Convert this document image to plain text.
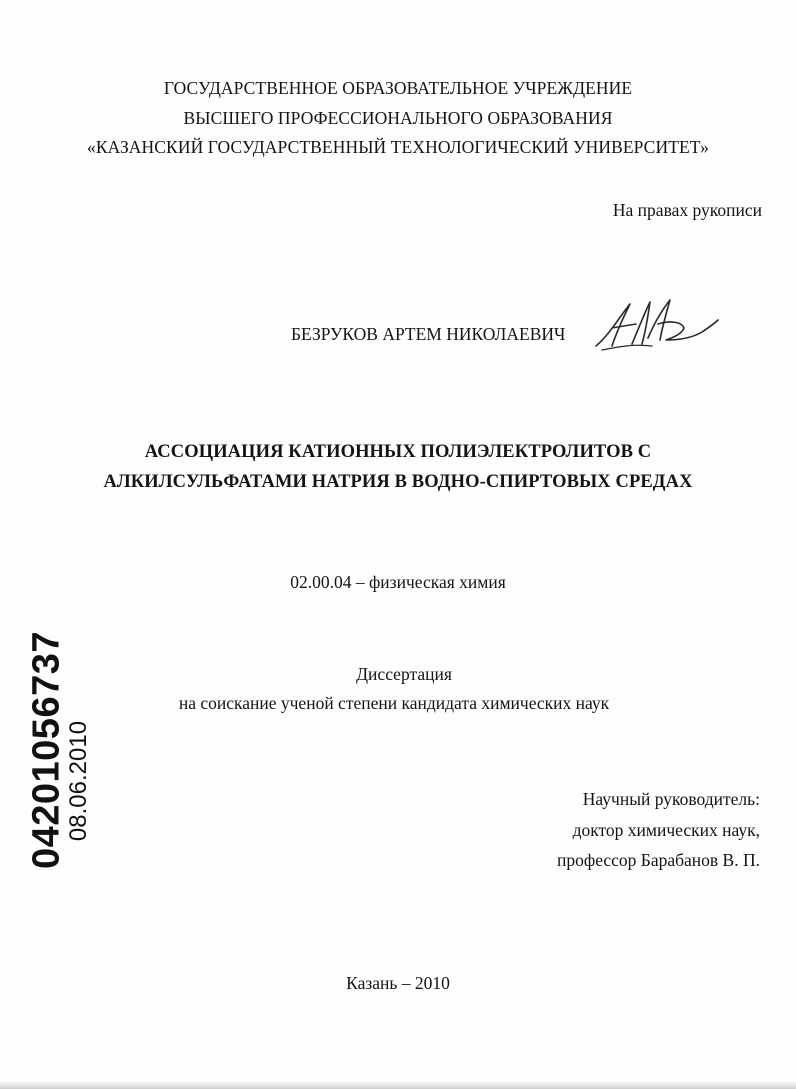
ГОСУДАРСТВЕННОЕ ОБРАЗОВАТЕЛЬНОЕ УЧРЕЖДЕНИЕ
ВЫСШЕГО ПРОФЕССИОНАЛЬНОГО ОБРАЗОВАНИЯ
«КАЗАНСКИЙ ГОСУДАРСТВЕННЫЙ ТЕХНОЛОГИЧЕСКИЙ УНИВЕРСИТЕТ»
На правах рукописи
БЕЗРУКОВ АРТЕМ НИКОЛАЕВИЧ
АССОЦИАЦИЯ КАТИОННЫХ ПОЛИЭЛЕКТРОЛИТОВ С
АЛКИЛСУЛЬФАТАМИ НАТРИЯ В ВОДНО-СПИРТОВЫХ СРЕДАХ
02.00.04 – физическая химия
Диссертация
на соискание ученой степени кандидата химических наук
Научный руководитель:
доктор химических наук,
профессор Барабанов В. П.
Казань – 2010
04201056737
08.06.2010
